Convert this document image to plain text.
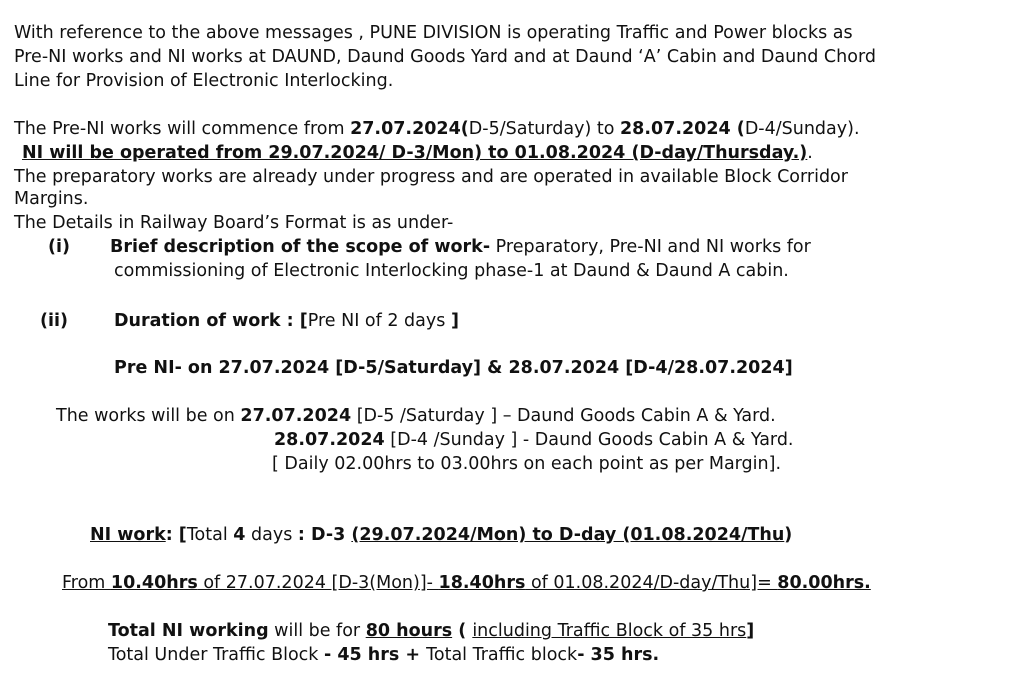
With reference to the above messages , PUNE DIVISION is operating Traffic and Power blocks as
Pre-NI works and NI works at DAUND, Daund Goods Yard and at Daund ‘A’ Cabin and Daund Chord
Line for Provision of Electronic Interlocking.
The Pre-NI works will commence from 27.07.2024(D-5/Saturday) to 28.07.2024 (D-4/Sunday).
NI will be operated from 29.07.2024/ D-3/Mon) to 01.08.2024 (D-day/Thursday.).
The preparatory works are already under progress and are operated in available Block Corridor
Margins.
The Details in Railway Board’s Format is as under-
(i) Brief description of the scope of work- Preparatory, Pre-NI and NI works for
commissioning of Electronic Interlocking phase-1 at Daund & Daund A cabin.
(ii)	Duration of work : [Pre NI of 2 days ]
Pre NI- on 27.07.2024 [D-5/Saturday] & 28.07.2024 [D-4/28.07.2024]
The works will be on 27.07.2024 [D-5 /Saturday ] – Daund Goods Cabin A & Yard.
28.07.2024 [D-4 /Sunday ] - Daund Goods Cabin A & Yard.
[ Daily 02.00hrs to 03.00hrs on each point as per Margin].
NI work: [Total 4 days : D-3 (29.07.2024/Mon) to D-day (01.08.2024/Thu)
From 10.40hrs of 27.07.2024 [D-3(Mon)]- 18.40hrs of 01.08.2024/D-day/Thu]= 80.00hrs.
Total NI working will be for 80 hours ( including Traffic Block of 35 hrs]
Total Under Traffic Block - 45 hrs + Total Traffic block- 35 hrs.
